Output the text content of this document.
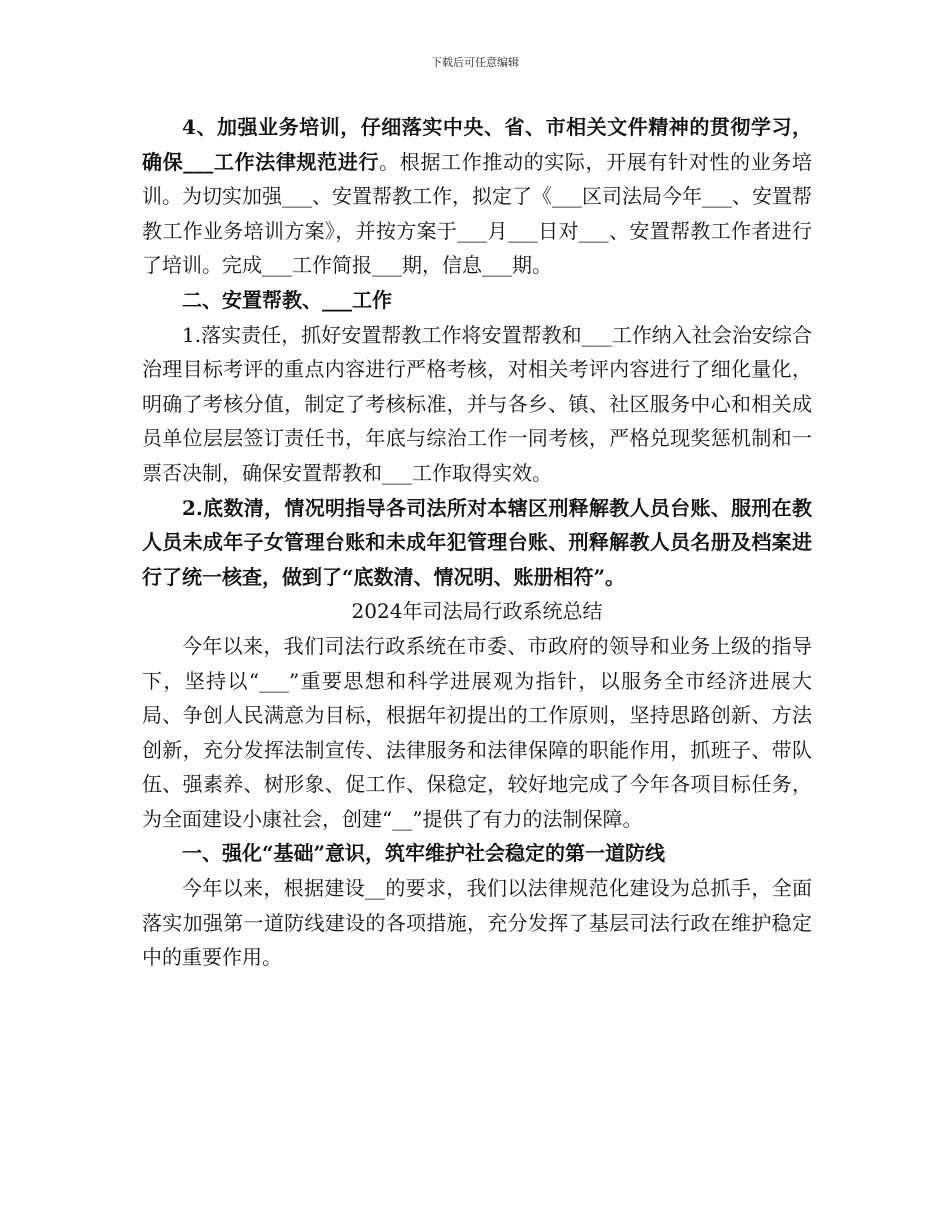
下载后可任意编辑

4、加强业务培训，仔细落实中央、省、市相关文件精神的贯彻学习，确保___工作法律规范进行。根据工作推动的实际，开展有针对性的业务培训。为切实加强___、安置帮教工作，拟定了《___区司法局今年___、安置帮教工作业务培训方案》，并按方案于___月___日对___、安置帮教工作者进行了培训。完成___工作简报___期，信息___期。

二、安置帮教、___工作

1.落实责任，抓好安置帮教工作将安置帮教和___工作纳入社会治安综合治理目标考评的重点内容进行严格考核，对相关考评内容进行了细化量化，明确了考核分值，制定了考核标准，并与各乡、镇、社区服务中心和相关成员单位层层签订责任书，年底与综治工作一同考核，严格兑现奖惩机制和一票否决制，确保安置帮教和___工作取得实效。

2.底数清，情况明指导各司法所对本辖区刑释解教人员台账、服刑在教人员未成年子女管理台账和未成年犯管理台账、刑释解教人员名册及档案进行了统一核查，做到了“底数清、情况明、账册相符”。

2024年司法局行政系统总结

今年以来，我们司法行政系统在市委、市政府的领导和业务上级的指导下，坚持以“___”重要思想和科学进展观为指针，以服务全市经济进展大局、争创人民满意为目标，根据年初提出的工作原则，坚持思路创新、方法创新，充分发挥法制宣传、法律服务和法律保障的职能作用，抓班子、带队伍、强素养、树形象、促工作、保稳定，较好地完成了今年各项目标任务，为全面建设小康社会，创建“__”提供了有力的法制保障。

一、强化“基础”意识，筑牢维护社会稳定的第一道防线

今年以来，根据建设__的要求，我们以法律规范化建设为总抓手，全面落实加强第一道防线建设的各项措施，充分发挥了基层司法行政在维护稳定中的重要作用。
